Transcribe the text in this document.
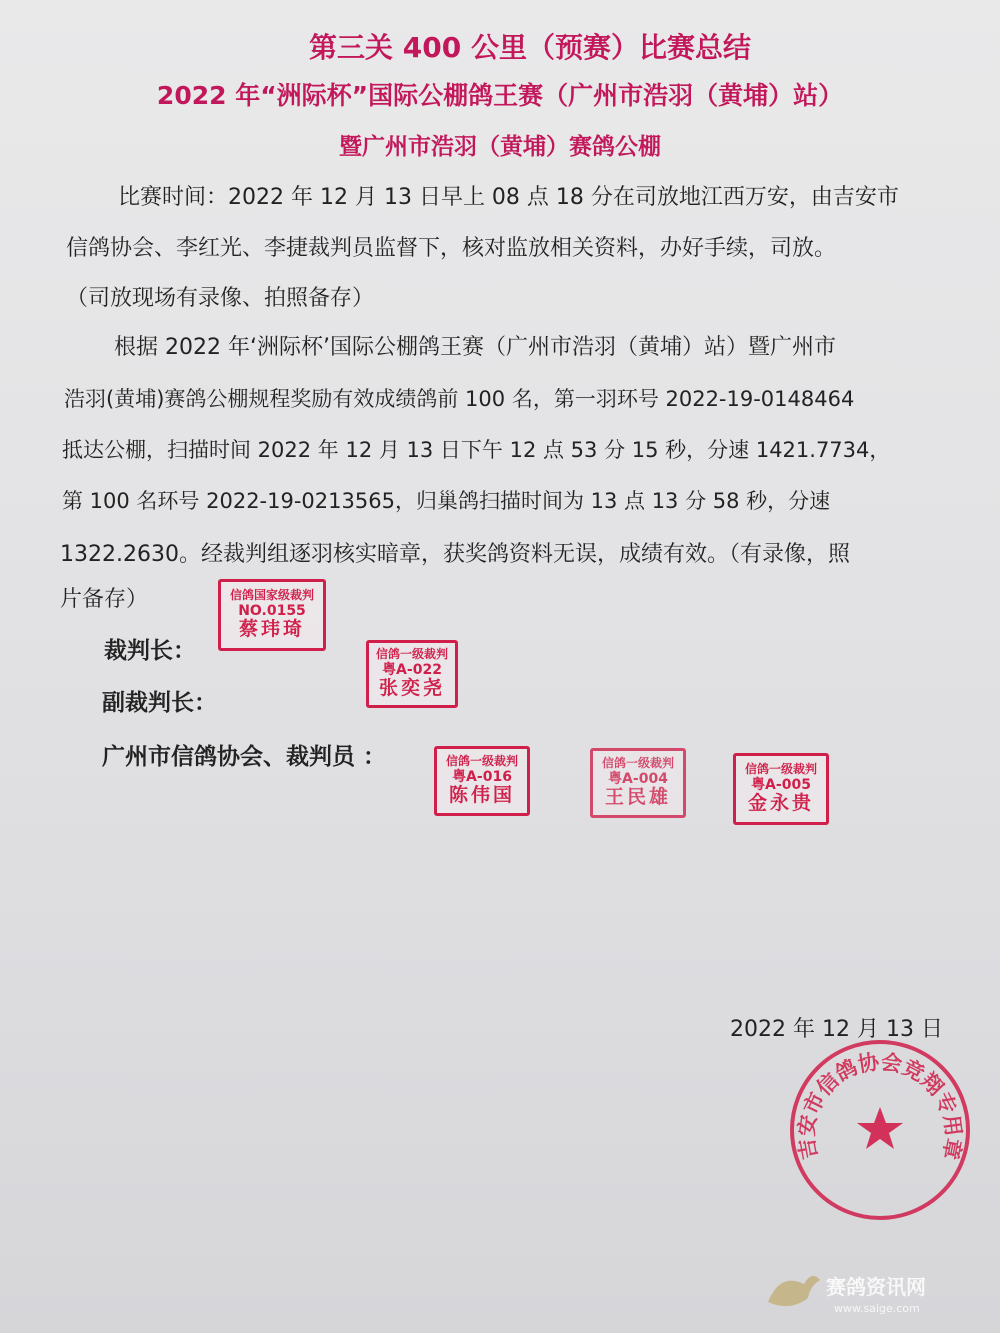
第三关 400 公里（预赛）比赛总结
2022 年“洲际杯”国际公棚鸽王赛（广州市浩羽（黄埔）站）
暨广州市浩羽（黄埔）赛鸽公棚
比赛时间：2022 年 12 月 13 日早上 08 点 18 分在司放地江西万安，由吉安市
信鸽协会、李红光、李捷裁判员监督下，核对监放相关资料，办好手续，司放。
（司放现场有录像、拍照备存）
根据 2022 年‘洲际杯’国际公棚鸽王赛（广州市浩羽（黄埔）站）暨广州市
浩羽(黄埔)赛鸽公棚规程奖励有效成绩鸽前 100 名，第一羽环号 2022-19-0148464
抵达公棚，扫描时间 2022 年 12 月 13 日下午 12 点 53 分 15 秒，分速 1421.7734，
第 100 名环号 2022-19-0213565，归巢鸽扫描时间为 13 点 13 分 58 秒，分速
1322.2630。经裁判组逐羽核实暗章，获奖鸽资料无误，成绩有效。（有录像，照
片备存）
裁判长：
副裁判长：
广州市信鸽协会、裁判员 ：
信鸽国家级裁判
NO.0155
蔡玮琦
信鸽一级裁判
粤A-022
张奕尧
信鸽一级裁判
粤A-016
陈伟国
信鸽一级裁判
粤A-004
王民雄
信鸽一级裁判
粤A-005
金永贵
2022 年 12 月 13 日
吉安市信鸽协会竞翔专用章
赛鸽资讯网
www.saige.com
